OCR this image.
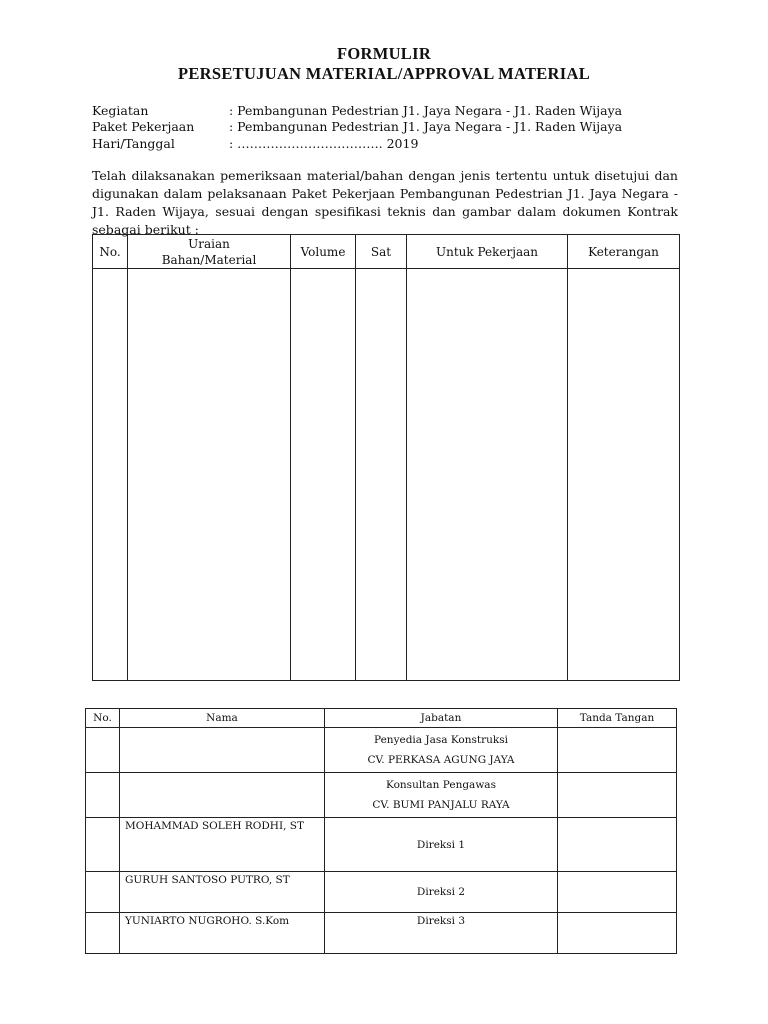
FORMULIR
PERSETUJUAN MATERIAL/APPROVAL MATERIAL
Kegiatan	: Pembangunan Pedestrian J1. Jaya Negara - J1. Raden Wijaya
Paket Pekerjaan	: Pembangunan Pedestrian J1. Jaya Negara - J1. Raden Wijaya
Hari/Tanggal	: …………………………….. 2019
Telah dilaksanakan pemeriksaan material/bahan dengan jenis tertentu untuk disetujui dan digunakan dalam pelaksanaan Paket Pekerjaan Pembangunan Pedestrian J1. Jaya Negara - J1. Raden Wijaya, sesuai dengan spesifikasi teknis dan gambar dalam dokumen Kontrak sebagai berikut :
No.	Uraian
Bahan/Material	Volume	Sat	Untuk Pekerjaan	Keterangan

No.	Nama	Jabatan	Tanda Tangan

		Penyedia Jasa Konstruksi
CV. PERKASA AGUNG JAYA	

		Konsultan Pengawas
CV. BUMI PANJALU RAYA	

	MOHAMMAD SOLEH RODHI, ST	Direksi 1	
	GURUH SANTOSO PUTRO, ST	Direksi 2	
	YUNIARTO NUGROHO. S.Kom	Direksi 3	
